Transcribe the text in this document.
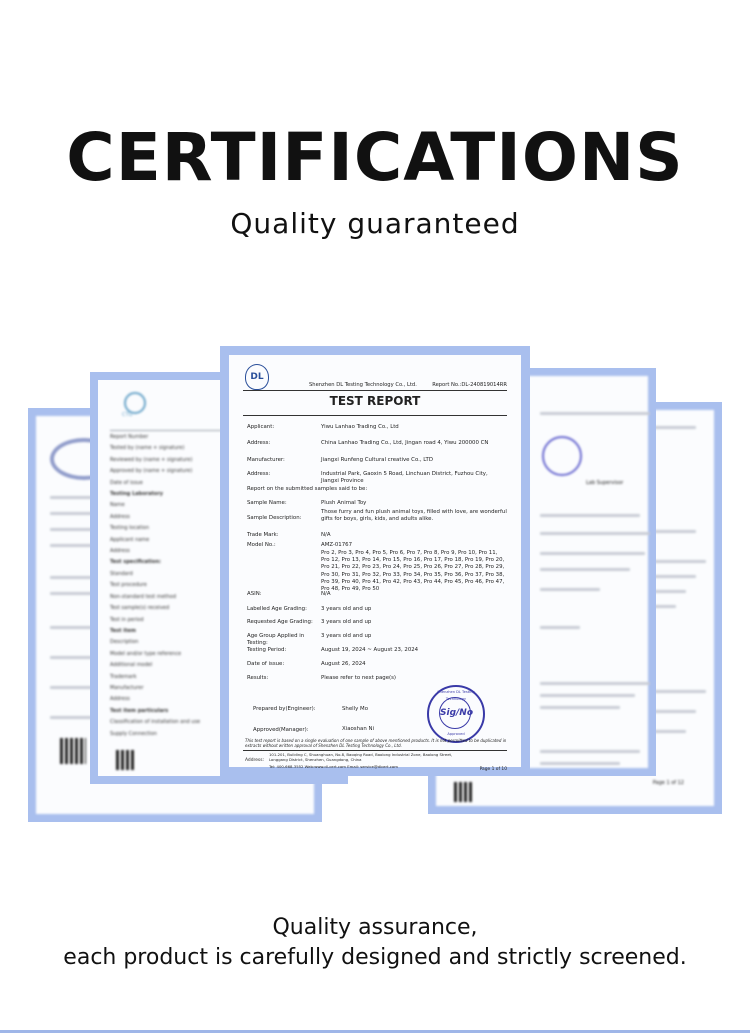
CERTIFICATIONS
Quality guaranteed
CTG
Report Number
Tested by (name + signature)
Reviewed by (name + signature)
Approved by (name + signature)
Date of issue
Testing Laboratory
Name
Address
Testing location
Applicant name
Address
Test specification:
Standard
Test procedure
Non-standard test method
Test sample(s) received
Test in period
Test item
Description
Model and/or type reference
Additional model
Trademark
Manufacturer
Address
Test item particulars
Classification of installation and use
Supply Connection
Page 1 of 12
Lab Supervisor
DL
Shenzhen DL Testing Technology Co., Ltd.	Report No.:DL-240819014RR
TEST REPORT
Applicant:	Yiwu Lanhao Trading Co., Ltd
Address:	China Lanhao Trading Co., Ltd, Jingan road 4, Yiwu 200000 CN
Manufacturer:	Jiangxi Runfeng Cultural creative Co., LTD
Address:	Industrial Park, Gaoxin 5 Road, Linchuan District, Fuzhou City, Jiangxi Province
Report on the submitted samples said to be:
Sample Name:	Plush Animal Toy
Sample Description:
Those furry and fun plush animal toys, filled with love, are wonderful gifts for boys, girls, kids, and adults alike.
Trade Mark:	N/A
Model No.:	AMZ-01767
Pro 2, Pro 3, Pro 4, Pro 5, Pro 6, Pro 7, Pro 8, Pro 9, Pro 10, Pro 11, Pro 12, Pro 13, Pro 14, Pro 15, Pro 16, Pro 17, Pro 18, Pro 19, Pro 20, Pro 21, Pro 22, Pro 23, Pro 24, Pro 25, Pro 26, Pro 27, Pro 28, Pro 29, Pro 30, Pro 31, Pro 32, Pro 33, Pro 34, Pro 35, Pro 36, Pro 37, Pro 38, Pro 39, Pro 40, Pro 41, Pro 42, Pro 43, Pro 44, Pro 45, Pro 46, Pro 47, Pro 48, Pro 49, Pro 50
ASIN:	N/A
Labelled Age Grading:	3 years old and up
Requested Age Grading:	3 years old and up
Age Group Applied in Testing:
3 years old and up
Testing Period:	August 19, 2024 ~ August 23, 2024
Date of issue:	August 26, 2024
Results:	Please refer to next page(s)
Prepared by(Engineer):	Shelly Mo
Approved(Manager):	Xiaoshan Ni
Shenzhen DL Testing Technology
Sig/No
Approved
This test report is based on a single evaluation of one sample of above mentioned products. It is not permitted to be duplicated in extracts without written approval of Shenzhen DL Testing Technology Co., Ltd.
Address:
101-201, Building C, Shuanghuan, No.8, Baoqing Road, Baolong Industrial Zone, Baolong Street, Longgang District, Shenzhen, Guangdong, China
Tel: 400-668-3552 Web:www.dl-cert.com Email: service@dlcert.com
Page 1 of 10
Quality assurance,
each product is carefully designed and strictly screened.
